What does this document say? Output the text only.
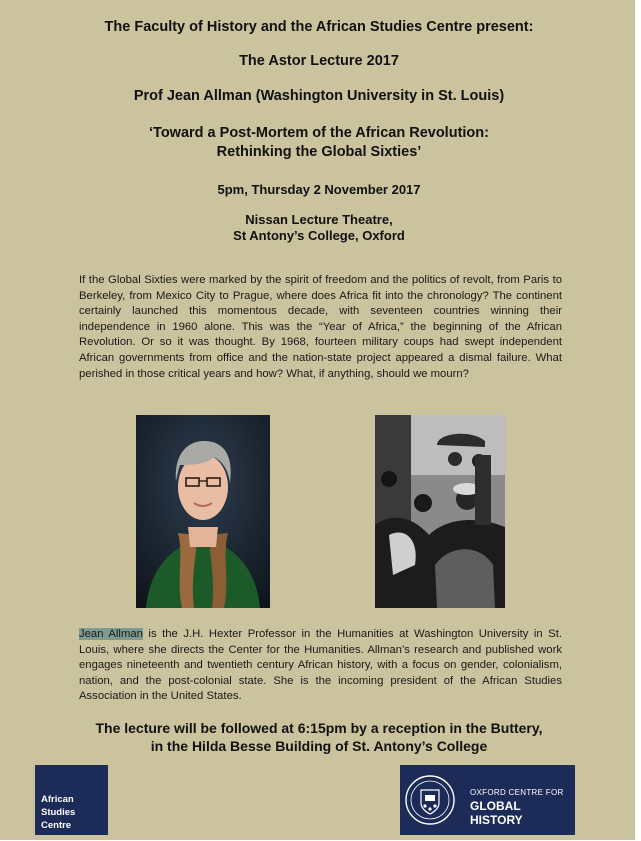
The Faculty of History and the African Studies Centre present:
The Astor Lecture 2017
Prof Jean Allman (Washington University in St. Louis)
‘Toward a Post-Mortem of the African Revolution:
Rethinking the Global Sixties’
5pm, Thursday 2 November 2017
Nissan Lecture Theatre,
St Antony’s College, Oxford
If the Global Sixties were marked by the spirit of freedom and the politics of revolt, from Paris to Berkeley, from Mexico City to Prague, where does Africa fit into the chronology? The continent certainly launched this momentous decade, with seventeen countries winning their independence in 1960 alone. This was the “Year of Africa,” the beginning of the African Revolution. Or so it was thought. By 1968, fourteen military coups had swept independent African governments from office and the nation-state project appeared a dismal failure. What perished in those critical years and how? What, if anything, should we mourn?
Jean Allman is the J.H. Hexter Professor in the Humanities at Washington University in St. Louis, where she directs the Center for the Humanities. Allman’s research and published work engages nineteenth and twentieth century African history, with a focus on gender, colonialism, nation, and the post-colonial state. She is the incoming president of the African Studies Association in the United States.
The lecture will be followed at 6:15pm by a reception in the Buttery,
in the Hilda Besse Building of St. Antony’s College
African
Studies
Centre
OXFORD CENTRE FOR
GLOBAL HISTORY
